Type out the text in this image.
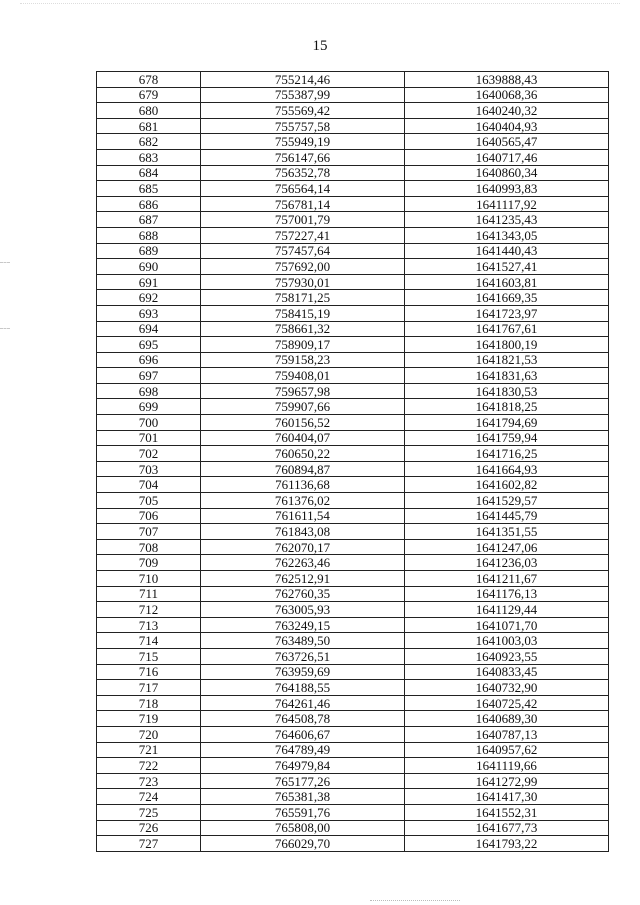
15
678	755214,46	1639888,43
679	755387,99	1640068,36
680	755569,42	1640240,32
681	755757,58	1640404,93
682	755949,19	1640565,47
683	756147,66	1640717,46
684	756352,78	1640860,34
685	756564,14	1640993,83
686	756781,14	1641117,92
687	757001,79	1641235,43
688	757227,41	1641343,05
689	757457,64	1641440,43
690	757692,00	1641527,41
691	757930,01	1641603,81
692	758171,25	1641669,35
693	758415,19	1641723,97
694	758661,32	1641767,61
695	758909,17	1641800,19
696	759158,23	1641821,53
697	759408,01	1641831,63
698	759657,98	1641830,53
699	759907,66	1641818,25
700	760156,52	1641794,69
701	760404,07	1641759,94
702	760650,22	1641716,25
703	760894,87	1641664,93
704	761136,68	1641602,82
705	761376,02	1641529,57
706	761611,54	1641445,79
707	761843,08	1641351,55
708	762070,17	1641247,06
709	762263,46	1641236,03
710	762512,91	1641211,67
711	762760,35	1641176,13
712	763005,93	1641129,44
713	763249,15	1641071,70
714	763489,50	1641003,03
715	763726,51	1640923,55
716	763959,69	1640833,45
717	764188,55	1640732,90
718	764261,46	1640725,42
719	764508,78	1640689,30
720	764606,67	1640787,13
721	764789,49	1640957,62
722	764979,84	1641119,66
723	765177,26	1641272,99
724	765381,38	1641417,30
725	765591,76	1641552,31
726	765808,00	1641677,73
727	766029,70	1641793,22
